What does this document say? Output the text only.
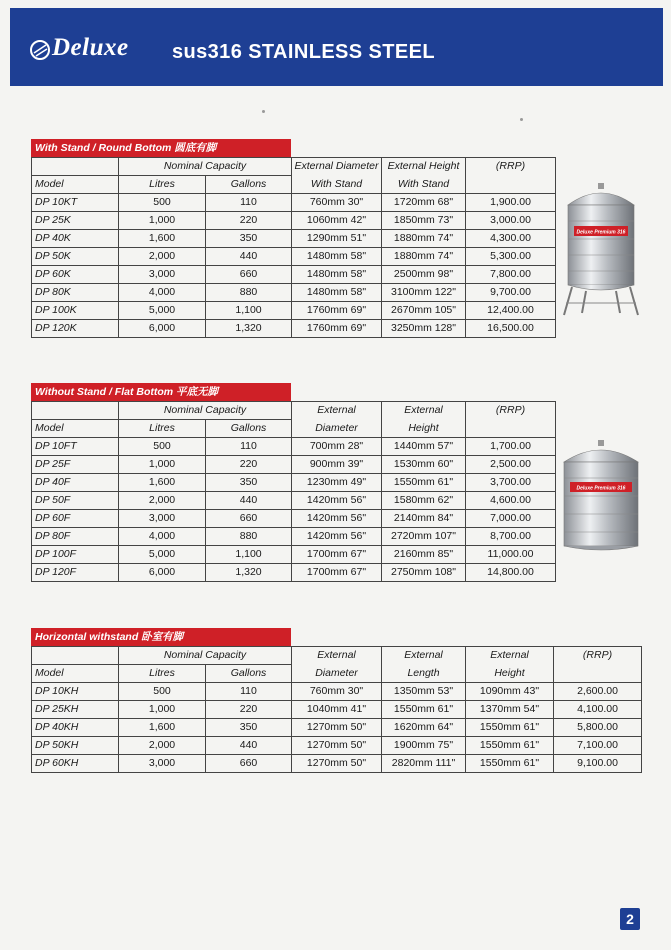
Deluxe sus316 STAINLESS STEEL
With Stand / Round Bottom 圆底有脚
	Nominal Capacity		External Diameter	External Height	(RRP)
Model	Litres	Gallons	With Stand	With Stand	
DP 10KT	500	110	760mm 30"	1720mm 68"	1,900.00
DP 25K	1,000	220	1060mm 42"	1850mm 73"	3,000.00
DP 40K	1,600	350	1290mm 51"	1880mm 74"	4,300.00
DP 50K	2,000	440	1480mm 58"	1880mm 74"	5,300.00
DP 60K	3,000	660	1480mm 58"	2500mm 98"	7,800.00
DP 80K	4,000	880	1480mm 58"	3100mm 122"	9,700.00
DP 100K	5,000	1,100	1760mm 69"	2670mm 105"	12,400.00
DP 120K	6,000	1,320	1760mm 69"	3250mm 128"	16,500.00
Without Stand / Flat Bottom 平底无脚
	Nominal Capacity		External	External	(RRP)
Model	Litres	Gallons	Diameter	Height	
DP 10FT	500	110	700mm 28"	1440mm 57"	1,700.00
DP 25F	1,000	220	900mm 39"	1530mm 60"	2,500.00
DP 40F	1,600	350	1230mm 49"	1550mm 61"	3,700.00
DP 50F	2,000	440	1420mm 56"	1580mm 62"	4,600.00
DP 60F	3,000	660	1420mm 56"	2140mm 84"	7,000.00
DP 80F	4,000	880	1420mm 56"	2720mm 107"	8,700.00
DP 100F	5,000	1,100	1700mm 67"	2160mm 85"	11,000.00
DP 120F	6,000	1,320	1700mm 67"	2750mm 108"	14,800.00
Horizontal withstand 卧室有脚
	Nominal Capacity		External	External	External	(RRP)
Model	Litres	Gallons	Diameter	Length	Height	
DP 10KH	500	110	760mm 30"	1350mm 53"	1090mm 43"	2,600.00
DP 25KH	1,000	220	1040mm 41"	1550mm 61"	1370mm 54"	4,100.00
DP 40KH	1,600	350	1270mm 50"	1620mm 64"	1550mm 61"	5,800.00
DP 50KH	2,000	440	1270mm 50"	1900mm 75"	1550mm 61"	7,100.00
DP 60KH	3,000	660	1270mm 50"	2820mm 111"	1550mm 61"	9,100.00
Deluxe Premium 316
Deluxe Premium 316
2
